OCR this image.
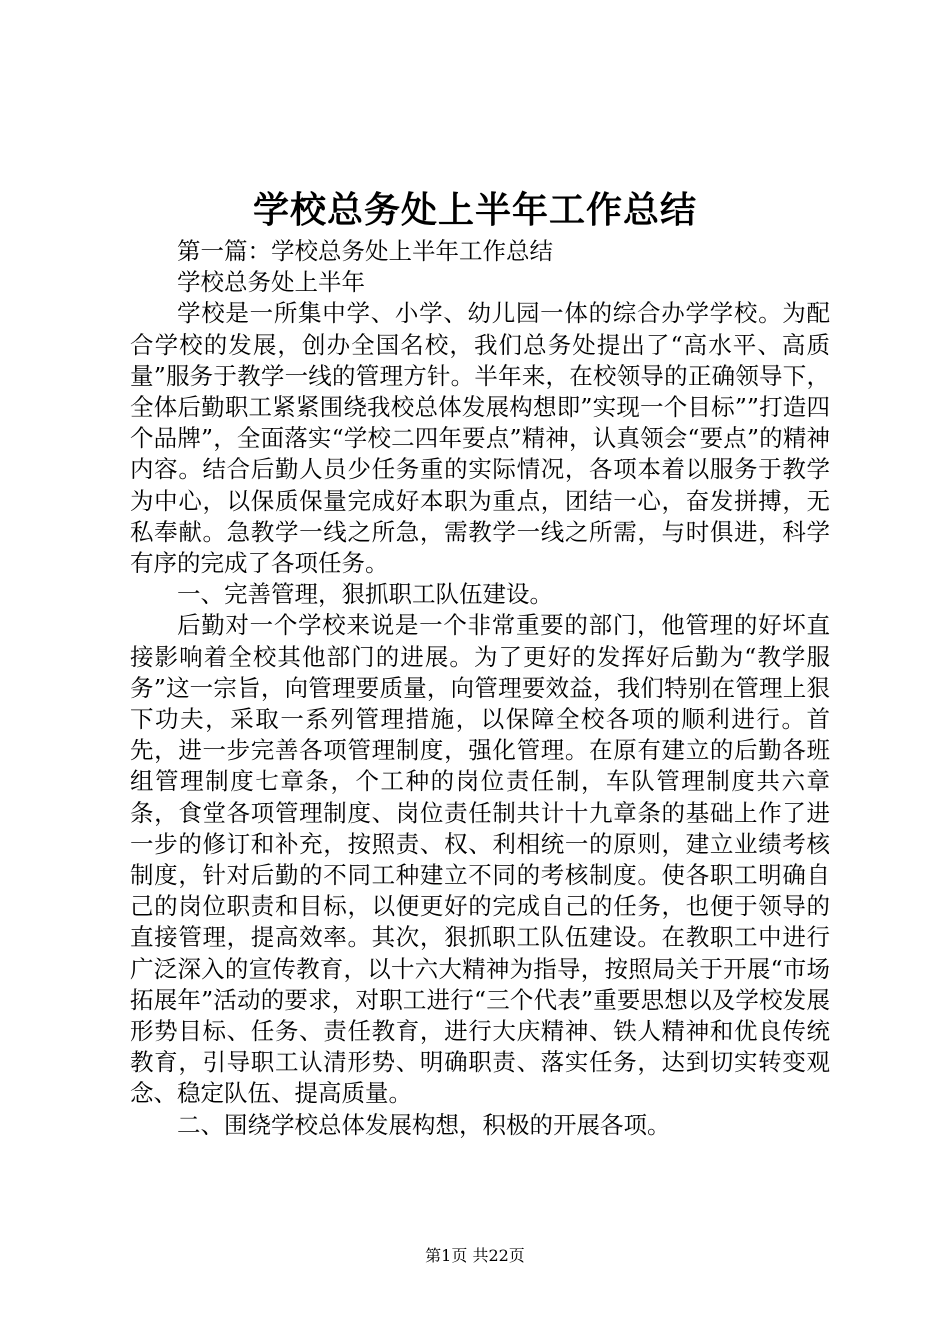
学校总务处上半年工作总结

第一篇：学校总务处上半年工作总结

学校总务处上半年

学校是一所集中学、小学、幼儿园一体的综合办学学校。为配合学校的发展，创办全国名校，我们总务处提出了“高水平、高质量”服务于教学一线的管理方针。半年来，在校领导的正确领导下，全体后勤职工紧紧围绕我校总体发展构想即”实现一个目标””打造四个品牌”，全面落实“学校二四年要点”精神，认真领会“要点”的精神内容。结合后勤人员少任务重的实际情况，各项本着以服务于教学为中心，以保质保量完成好本职为重点，团结一心，奋发拼搏，无私奉献。急教学一线之所急，需教学一线之所需，与时俱进，科学有序的完成了各项任务。

一、完善管理，狠抓职工队伍建设。

后勤对一个学校来说是一个非常重要的部门，他管理的好坏直接影响着全校其他部门的进展。为了更好的发挥好后勤为“教学服务”这一宗旨，向管理要质量，向管理要效益，我们特别在管理上狠下功夫，采取一系列管理措施，以保障全校各项的顺利进行。首先，进一步完善各项管理制度，强化管理。在原有建立的后勤各班组管理制度七章条，个工种的岗位责任制，车队管理制度共六章条，食堂各项管理制度、岗位责任制共计十九章条的基础上作了进一步的修订和补充，按照责、权、利相统一的原则，建立业绩考核制度，针对后勤的不同工种建立不同的考核制度。使各职工明确自己的岗位职责和目标，以便更好的完成自己的任务，也便于领导的直接管理，提高效率。其次，狠抓职工队伍建设。在教职工中进行广泛深入的宣传教育，以十六大精神为指导，按照局关于开展“市场拓展年”活动的要求，对职工进行“三个代表”重要思想以及学校发展形势目标、任务、责任教育，进行大庆精神、铁人精神和优良传统教育，引导职工认清形势、明确职责、落实任务，达到切实转变观念、稳定队伍、提高质量。

二、围绕学校总体发展构想，积极的开展各项。

第1页 共22页
